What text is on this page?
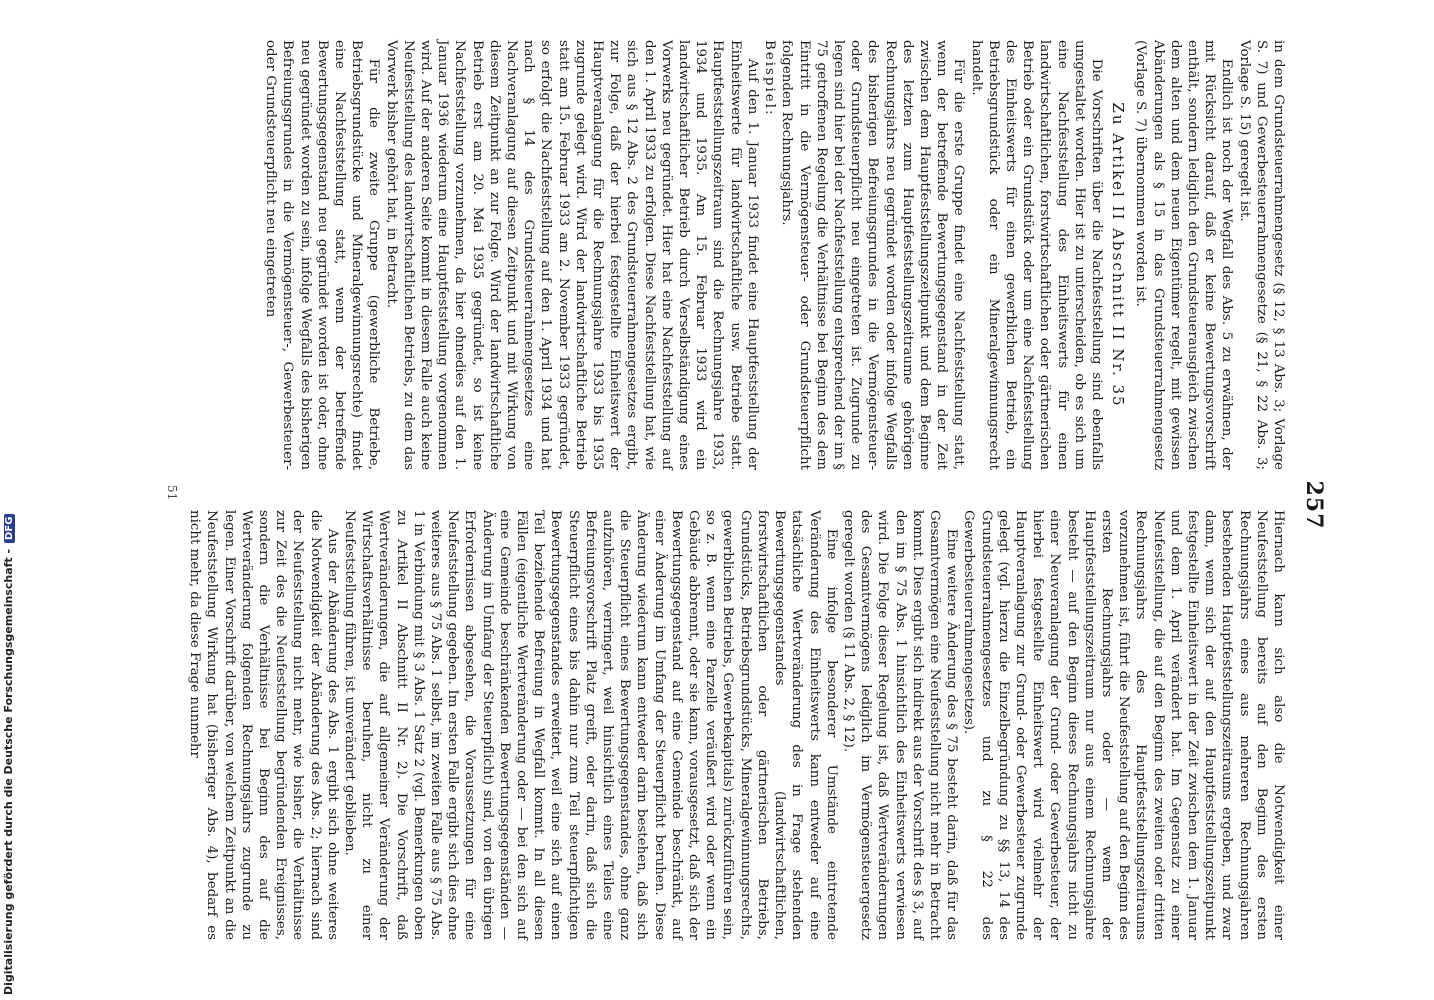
257

in dem Grundsteuerrahmengesetz (§ 12, § 13 Abs. 3; Vorlage S. 7) und Gewerbesteuerrahmengesetze (§ 21, § 22 Abs. 3; Vorlage S. 15) geregelt ist.

Endlich ist noch der Wegfall des Abs. 5 zu erwähnen, der mit Rücksicht darauf, daß er keine Bewertungsvorschrift enthält, sondern lediglich den Grundsteuerausgleich zwischen dem alten und dem neuen Eigentümer regelt, mit gewissen Abänderungen als § 15 in das Grundsteuerrahmengesetz (Vorlage S. 7) übernommen worden ist.

Zu Artikel II Abschnitt II Nr. 35

Die Vorschriften über die Nachfeststellung sind ebenfalls umgestaltet worden. Hier ist zu unterscheiden, ob es sich um eine Nachfeststellung des Einheitswerts für einen landwirtschaftlichen, forstwirtschaftlichen oder gärtnerischen Betrieb oder ein Grundstück oder um eine Nachfeststellung des Einheitswerts für einen gewerblichen Betrieb, ein Betriebsgrundstück oder ein Mineralgewinnungsrecht handelt.

Für die erste Gruppe findet eine Nachfeststellung statt, wenn der betreffende Bewertungsgegenstand in der Zeit zwischen dem Hauptfeststellungszeitpunkt und dem Beginne des letzten zum Hauptfeststellungszeitraume gehörigen Rechnungsjahrs neu gegründet worden oder infolge Wegfalls des bisherigen Befreiungsgrundes in die Vermögensteuer- oder Grundsteuerpflicht neu eingetreten ist. Zugrunde zu legen sind hier bei der Nachfeststellung entsprechend der im § 75 getroffenen Regelung die Verhältnisse bei Beginn des dem Eintritt in die Vermögensteuer- oder Grundsteuerpflicht folgenden Rechnungsjahrs.

Beispiel:

Auf den 1. Januar 1933 findet eine Hauptfeststellung der Einheitswerte für landwirtschaftliche usw. Betriebe statt. Hauptfeststellungszeitraum sind die Rechnungsjahre 1933, 1934 und 1935. Am 15. Februar 1933 wird ein landwirtschaftlicher Betrieb durch Verselbständigung eines Vorwerks neu gegründet. Hier hat eine Nachfeststellung auf den 1. April 1933 zu erfolgen. Diese Nachfeststellung hat, wie sich aus § 12 Abs. 2 des Grundsteuerrahmengesetzes ergibt, zur Folge, daß der hierbei festgestellte Einheitswert der Hauptveranlagung für die Rechnungsjahre 1933 bis 1935 zugrunde gelegt wird. Wird der landwirtschaftliche Betrieb statt am 15. Februar 1933 am 2. November 1933 gegründet, so erfolgt die Nachfeststellung auf den 1. April 1934 und hat nach § 14 des Grundsteuerrahmengesetzes eine Nachveranlagung auf diesen Zeitpunkt und mit Wirkung von diesem Zeitpunkt an zur Folge. Wird der landwirtschaftliche Betrieb erst am 20. Mai 1935 gegründet, so ist keine Nachfeststellung vorzunehmen, da hier ohnedies auf den 1. Januar 1936 wiederum eine Hauptfeststellung vorgenommen wird. Auf der anderen Seite kommt in diesem Falle auch keine Neufeststellung des landwirtschaftlichen Betriebs, zu dem das Vorwerk bisher gehört hat, in Betracht.

Für die zweite Gruppe (gewerbliche Betriebe, Betriebsgrundstücke und Mineralgewinnungsrechte) findet eine Nachfeststellung statt, wenn der betreffende Bewertungsgegenstand neu gegründet worden ist oder, ohne neu gegründet worden zu sein, infolge Wegfalls des bisherigen Befreiungsgrundes in die Vermögensteuer-, Gewerbesteuer- oder Grundsteuerpflicht neu eingetreten

Hiernach kann sich also die Notwendigkeit einer Neufeststellung bereits auf den Beginn des ersten Rechnungsjahrs eines aus mehreren Rechnungsjahren bestehenden Hauptfeststellungszeitraums ergeben, und zwar dann, wenn sich der auf den Hauptfeststellungszeitpunkt festgestellte Einheitswert in der Zeit zwischen dem 1. Januar und dem 1. April verändert hat. Im Gegensatz zu einer Neufeststellung, die auf den Beginn des zweiten oder dritten Rechnungsjahrs des Hauptfeststellungszeitraums vorzunehmen ist, führt die Neufeststellung auf den Beginn des ersten Rechnungsjahrs oder — wenn der Hauptfeststellungszeitraum nur aus einem Rechnungsjahre besteht — auf den Beginn dieses Rechnungsjahrs nicht zu einer Neuveranlagung der Grund- oder Gewerbesteuer, der hierbei festgestellte Einheitswert wird vielmehr der Hauptveranlagung zur Grund- oder Gewerbesteuer zugrunde gelegt (vgl. hierzu die Einzelbegründung zu §§ 13, 14 des Grundsteuerrahmengesetzes und zu § 22 des Gewerbesteuerrahmengesetzes).

Eine weitere Änderung des § 75 besteht darin, daß für das Gesamtvermögen eine Neufeststellung nicht mehr in Betracht kommt. Dies ergibt sich indirekt aus der Vorschrift des § 3, auf den im § 75 Abs. 1 hinsichtlich des Einheitswerts verwiesen wird. Die Folge dieser Regelung ist, daß Wertveränderungen des Gesamtvermögens lediglich im Vermögensteuergesetz geregelt worden (§ 11 Abs. 2, § 12).

Eine infolge besonderer Umstände eintretende Veränderung des Einheitswerts kann entweder auf eine tatsächliche Wertveränderung des in Frage stehenden Bewertungsgegenstandes (landwirtschaftlichen, forstwirtschaftlichen oder gärtnerischen Betriebs, Grundstücks, Betriebsgrundstücks, Mineralgewinnungsrechts, gewerblichen Betriebs, Gewerbekapitals) zurückzuführen sein, so z. B. wenn eine Parzelle veräußert wird oder wenn ein Gebäude abbrennt, oder sie kann, vorausgesetzt, daß sich der Bewertungsgegenstand auf eine Gemeinde beschränkt, auf einer Änderung im Umfang der Steuerpflicht beruhen. Diese Änderung wiederum kann entweder darin bestehen, daß sich die Steuerpflicht eines Bewertungsgegenstandes, ohne ganz aufzuhören, verringert, weil hinsichtlich eines Teiles eine Befreiungsvorschrift Platz greift, oder darin, daß sich die Steuerpflicht eines bis dahin nur zum Teil steuerpflichtigen Bewertungsgegenstandes erweitert, weil eine sich auf einen Teil beziehende Befreiung in Wegfall kommt. In all diesen Fällen (eigentliche Wertveränderung oder — bei den sich auf eine Gemeinde beschränkenden Bewertungsgegenständen — Änderung im Umfang der Steuerpflicht) sind, von den übrigen Erfordernissen abgesehen, die Voraussetzungen für eine Neufeststellung gegeben. Im ersten Falle ergibt sich dies ohne weiteres aus § 75 Abs. 1 selbst, im zweiten Falle aus § 75 Abs. 1 in Verbindung mit § 3 Abs. 1 Satz 2 (vgl. Bemerkungen oben zu Artikel II Abschnitt II Nr. 2). Die Vorschrift, daß Wertveränderungen, die auf allgemeiner Veränderung der Wirtschaftsverhältnisse beruhen, nicht zu einer Neufeststellung führen, ist unverändert geblieben.

Aus der Abänderung des Abs. 1 ergibt sich ohne weiteres die Notwendigkeit der Abänderung des Abs. 2; hiernach sind der Neufeststellung nicht mehr, wie bisher, die Verhältnisse zur Zeit des die Neufeststellung begründenden Ereignisses, sondern die Verhältnisse bei Beginn des auf die Wertveränderung folgenden Rechnungsjahrs zugrunde zu legen. Einer Vorschrift darüber, von welchem Zeitpunkt an die Neufeststellung Wirkung hat (bisheriger Abs. 4), bedarf es nicht mehr, da diese Frage nunmehr

51
Digitalisierung gefördert durch die Deutsche Forschungsgemeinschaft -DFG
